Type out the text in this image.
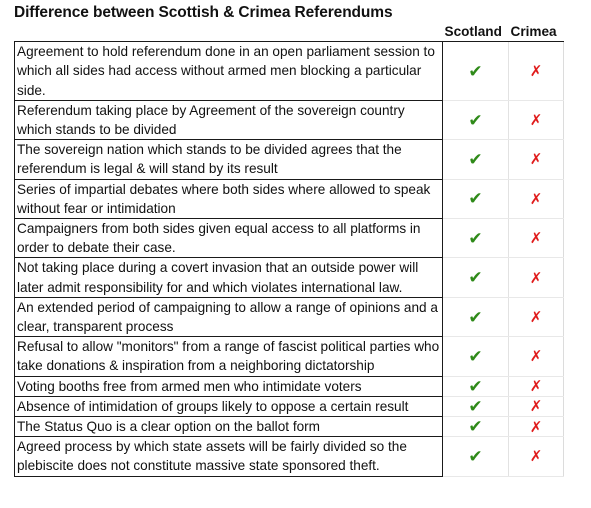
Difference between Scottish & Crimea Referendums
	Scotland	Crimea
Agreement to hold referendum done in an open parliament session to which all sides had access without armed men blocking a particular side.	✔	✗
Referendum taking place by Agreement of the sovereign country which stands to be divided	✔	✗
The sovereign nation which stands to be divided agrees that the referendum is legal & will stand by its result	✔	✗
Series of impartial debates where both sides where allowed to speak without fear or intimidation	✔	✗
Campaigners from both sides given equal access to all platforms in order to debate their case.	✔	✗
Not taking place during a covert invasion that an outside power will later admit responsibility for and which violates international law.	✔	✗
An extended period of campaigning to allow a range of opinions and a clear, transparent process	✔	✗
Refusal to allow "monitors" from a range of fascist political parties who take donations & inspiration from a neighboring dictatorship	✔	✗
Voting booths free from armed men who intimidate voters	✔	✗
Absence of intimidation of groups likely to oppose a certain result	✔	✗
The Status Quo is a clear option on the ballot form	✔	✗
Agreed process by which state assets will be fairly divided so the plebiscite does not constitute massive state sponsored theft.	✔	✗
